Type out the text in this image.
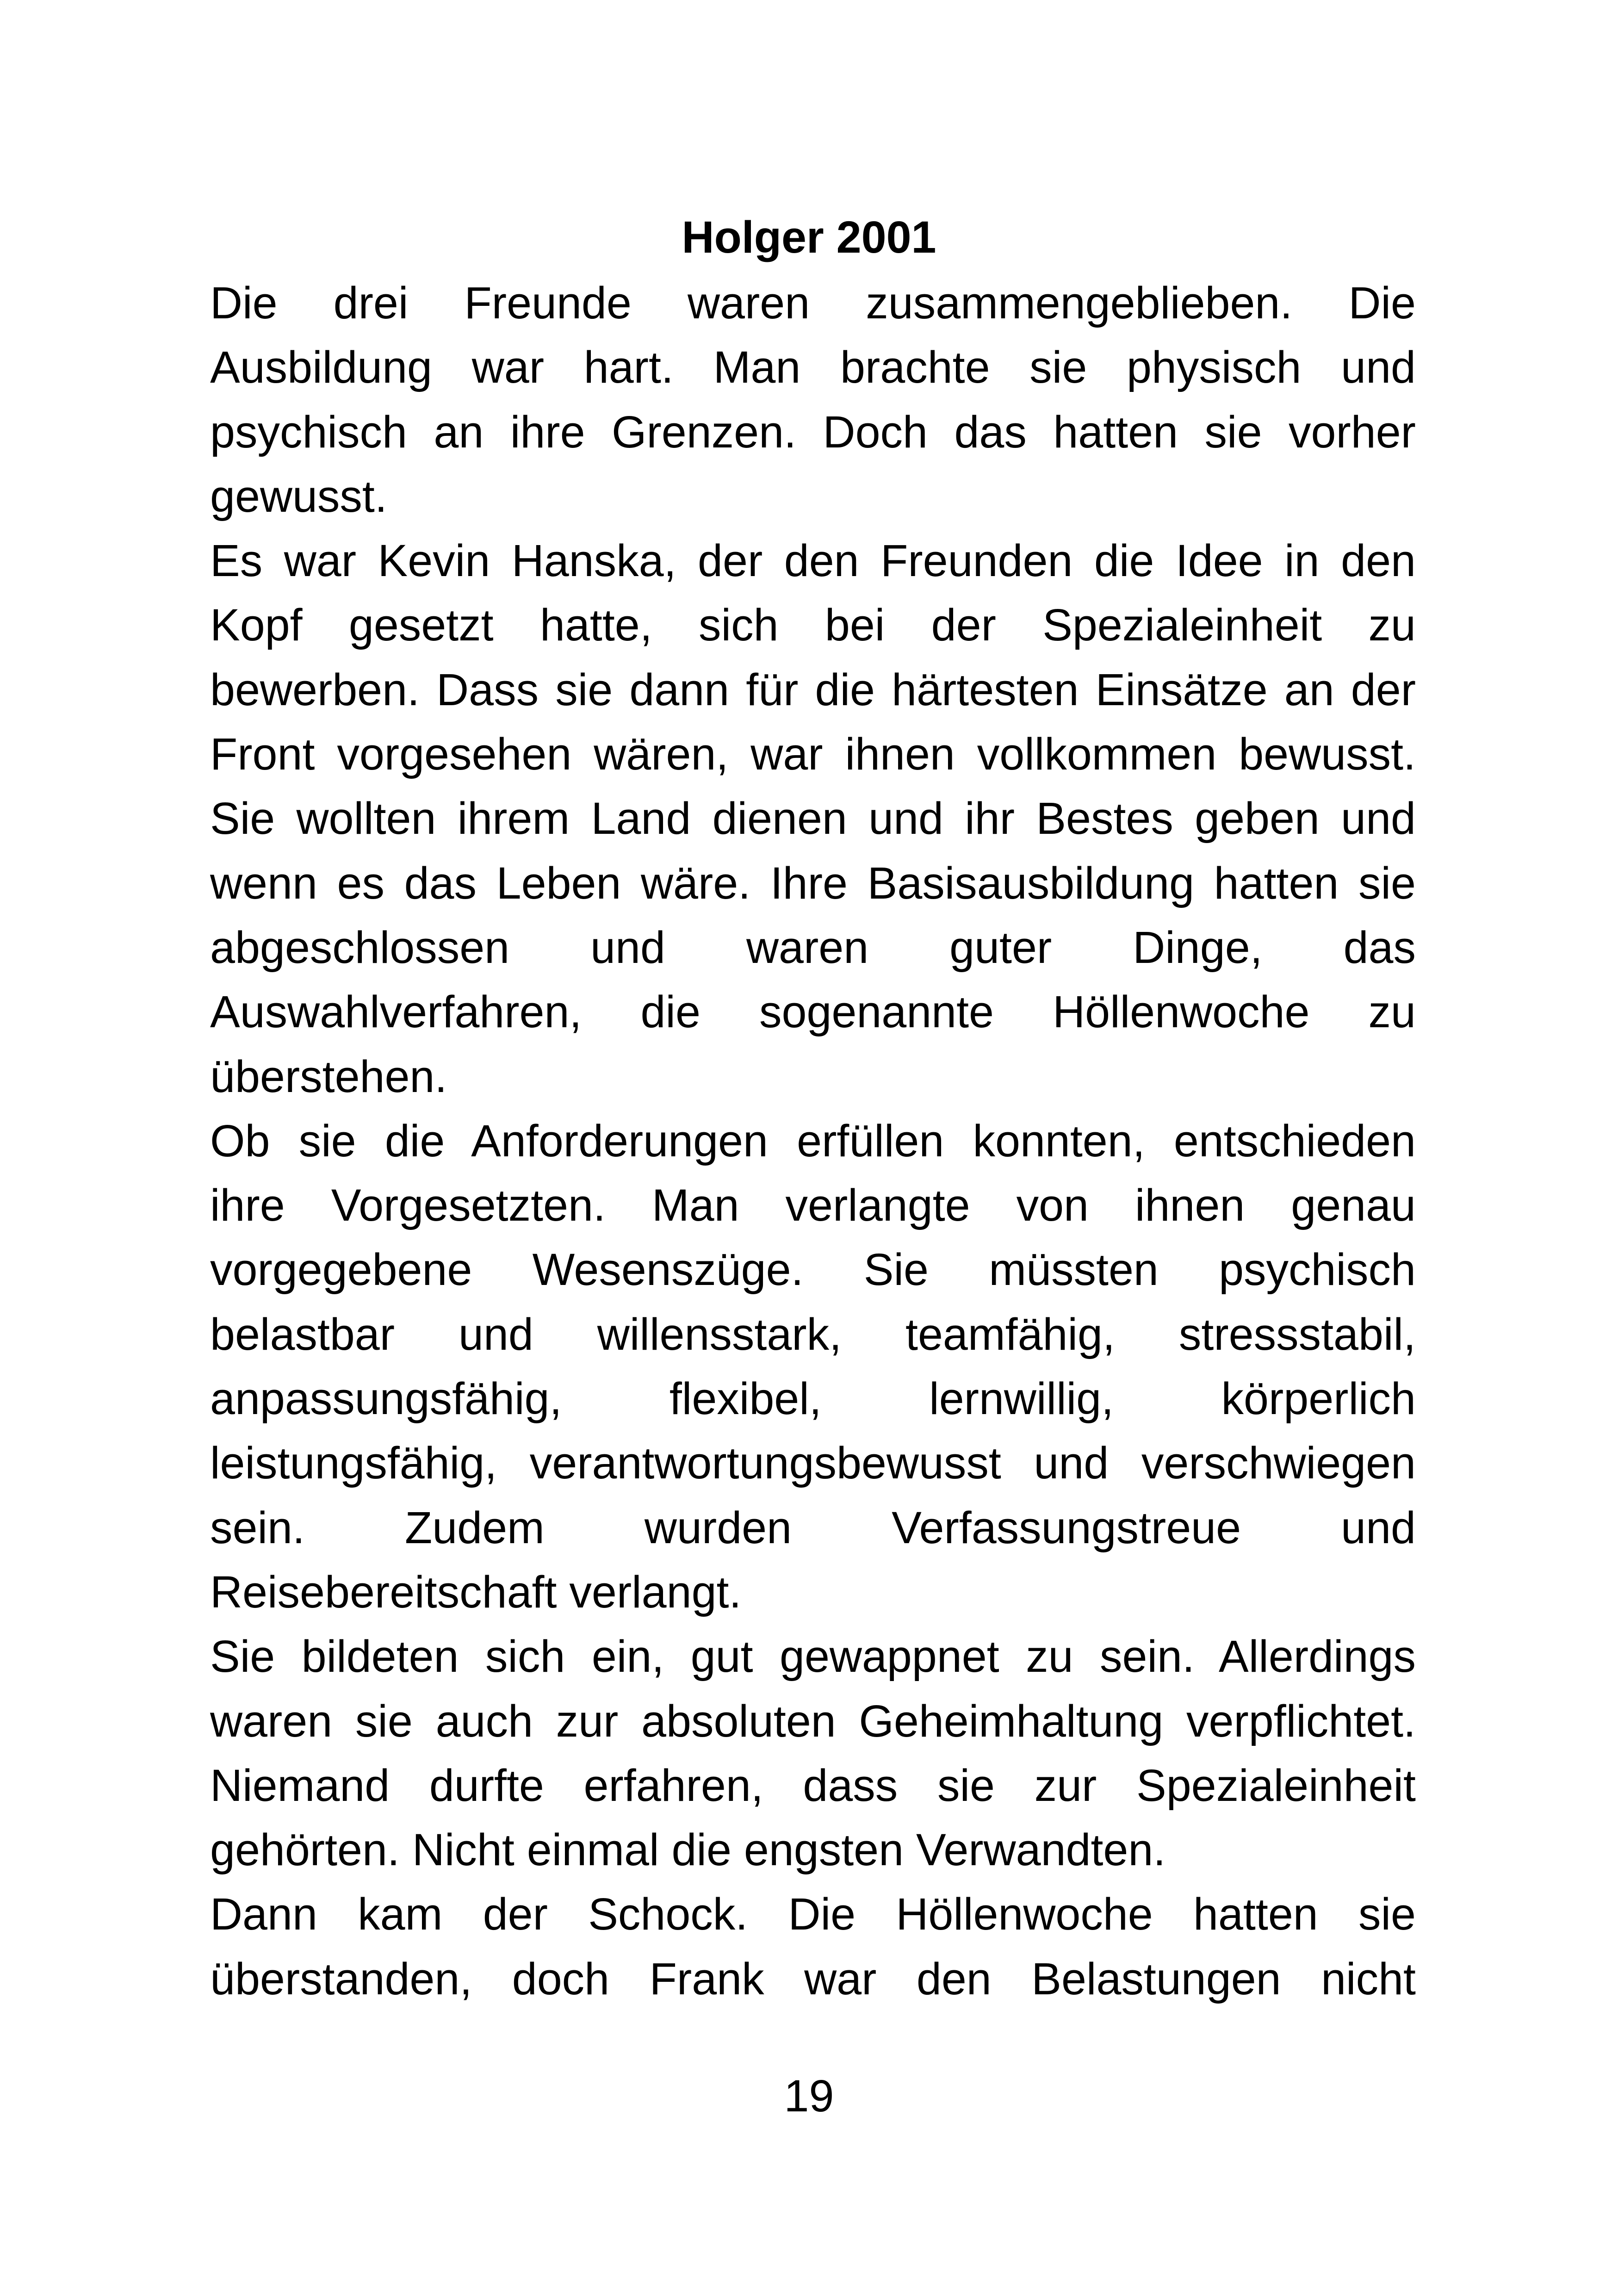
Holger 2001
Die drei Freunde waren zusammengeblieben. Die
Ausbildung war hart. Man brachte sie physisch und
psychisch an ihre Grenzen. Doch das hatten sie vorher
gewusst.
Es war Kevin Hanska, der den Freunden die Idee in den
Kopf gesetzt hatte, sich bei der Spezialeinheit zu
bewerben. Dass sie dann für die härtesten Einsätze an der
Front vorgesehen wären, war ihnen vollkommen bewusst.
Sie wollten ihrem Land dienen und ihr Bestes geben und
wenn es das Leben wäre. Ihre Basisausbildung hatten sie
abgeschlossen und waren guter Dinge, das
Auswahlverfahren, die sogenannte Höllenwoche zu
überstehen.
Ob sie die Anforderungen erfüllen konnten, entschieden
ihre Vorgesetzten. Man verlangte von ihnen genau
vorgegebene Wesenszüge. Sie müssten psychisch
belastbar und willensstark, teamfähig, stressstabil,
anpassungsfähig, flexibel, lernwillig, körperlich
leistungsfähig, verantwortungsbewusst und verschwiegen
sein. Zudem wurden Verfassungstreue und
Reisebereitschaft verlangt.
Sie bildeten sich ein, gut gewappnet zu sein. Allerdings
waren sie auch zur absoluten Geheimhaltung verpflichtet.
Niemand durfte erfahren, dass sie zur Spezialeinheit
gehörten. Nicht einmal die engsten Verwandten.
Dann kam der Schock. Die Höllenwoche hatten sie
überstanden, doch Frank war den Belastungen nicht
19
